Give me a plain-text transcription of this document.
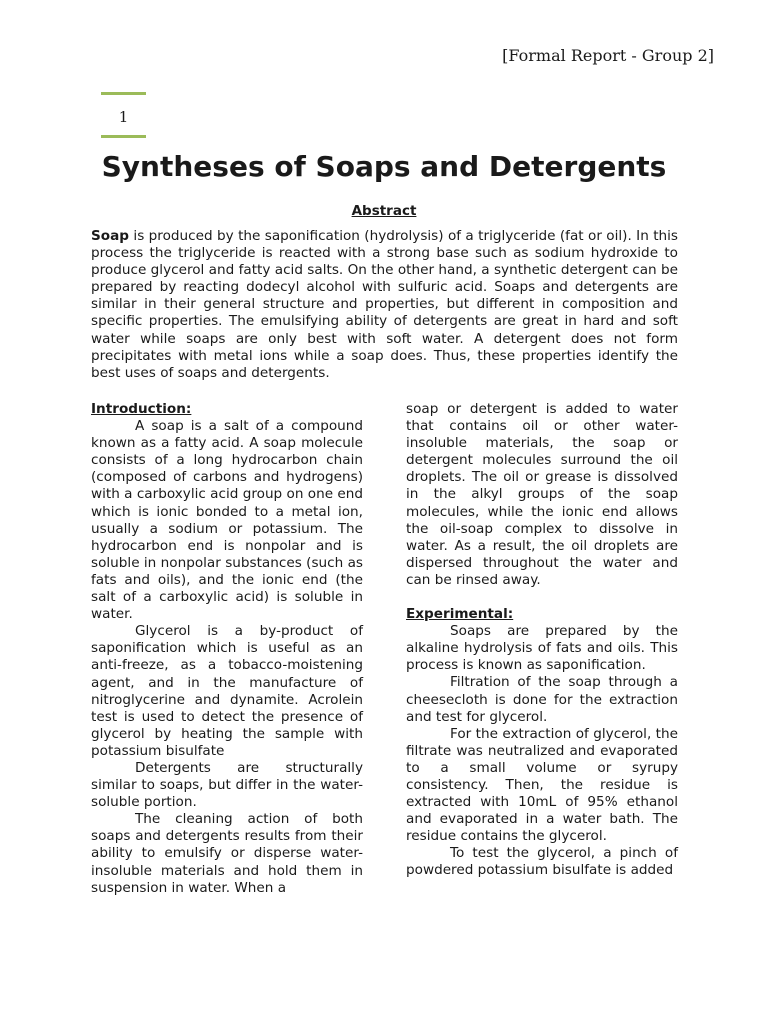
[Formal Report - Group 2]
1
Syntheses of Soaps and Detergents
Abstract

Soap is produced by the saponification (hydrolysis) of a triglyceride (fat or oil). In this process the triglyceride is reacted with a strong base such as sodium hydroxide to produce glycerol and fatty acid salts. On the other hand, a synthetic detergent can be prepared by reacting dodecyl alcohol with sulfuric acid. Soaps and detergents are similar in their general structure and properties, but different in composition and specific properties. The emulsifying ability of detergents are great in hard and soft water while soaps are only best with soft water. A detergent does not form precipitates with metal ions while a soap does. Thus, these properties identify the best uses of soaps and detergents.

Introduction:

A soap is a salt of a compound known as a fatty acid. A soap molecule consists of a long hydrocarbon chain (composed of carbons and hydrogens) with a carboxylic acid group on one end which is ionic bonded to a metal ion, usually a sodium or potassium. The hydrocarbon end is nonpolar and is soluble in nonpolar substances (such as fats and oils), and the ionic end (the salt of a carboxylic acid) is soluble in water.

Glycerol is a by-product of saponification which is useful as an anti-freeze, as a tobacco-moistening agent, and in the manufacture of nitroglycerine and dynamite. Acrolein test is used to detect the presence of glycerol by heating the sample with potassium bisulfate

Detergents are structurally similar to soaps, but differ in the water-soluble portion.

The cleaning action of both soaps and detergents results from their ability to emulsify or disperse water-insoluble materials and hold them in suspension in water. When a

soap or detergent is added to water that contains oil or other water-insoluble materials, the soap or detergent molecules surround the oil droplets. The oil or grease is dissolved in the alkyl groups of the soap molecules, while the ionic end allows the oil-soap complex to dissolve in water. As a result, the oil droplets are dispersed throughout the water and can be rinsed away.

Experimental:

Soaps are prepared by the alkaline hydrolysis of fats and oils. This process is known as saponification.

Filtration of the soap through a cheesecloth is done for the extraction and test for glycerol.

For the extraction of glycerol, the filtrate was neutralized and evaporated to a small volume or syrupy consistency. Then, the residue is extracted with 10mL of 95% ethanol and evaporated in a water bath. The residue contains the glycerol.

To test the glycerol, a pinch of powdered potassium bisulfate is added
